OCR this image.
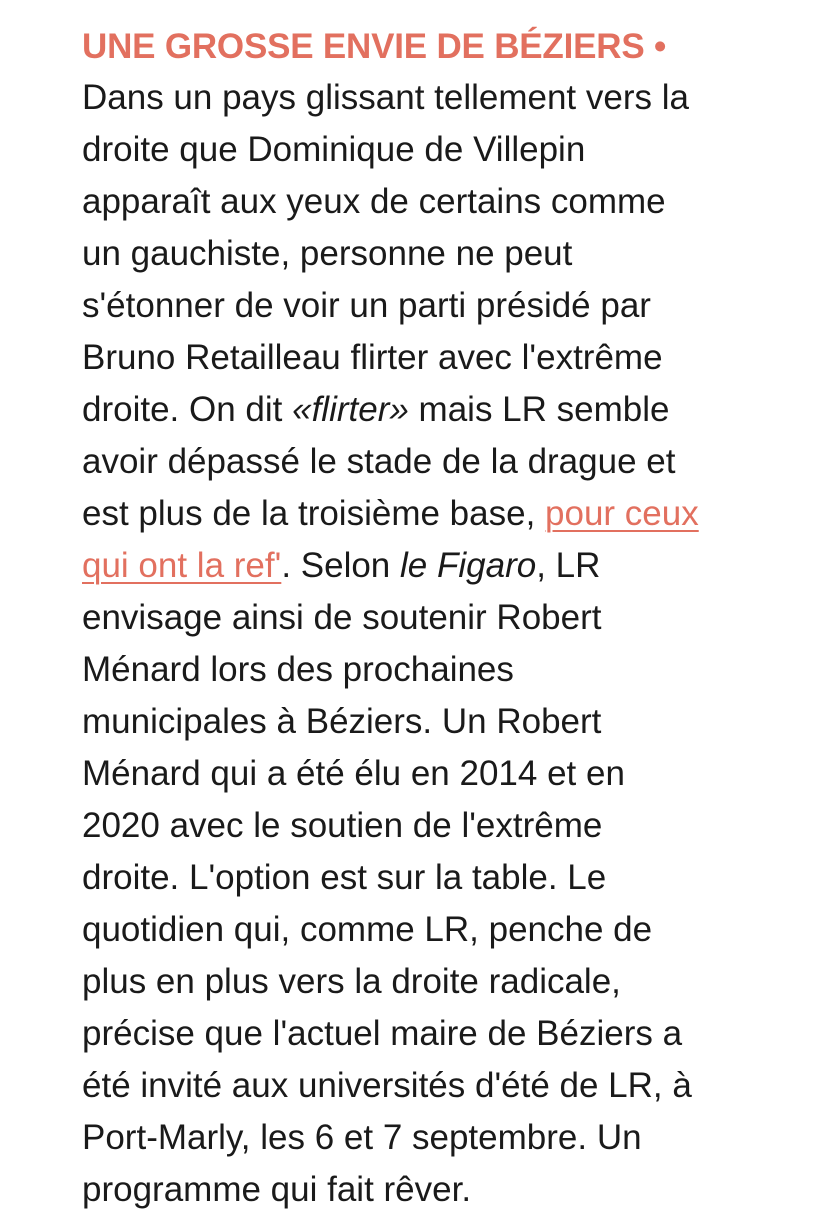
UNE GROSSE ENVIE DE BÉZIERS •

Dans un pays glissant tellement vers la
droite que Dominique de Villepin
apparaît aux yeux de certains comme
un gauchiste, personne ne peut
s'étonner de voir un parti présidé par
Bruno Retailleau flirter avec l'extrême
droite. On dit «flirter» mais LR semble
avoir dépassé le stade de la drague et
est plus de la troisième base, pour ceux
qui ont la ref'. Selon le Figaro, LR
envisage ainsi de soutenir Robert
Ménard lors des prochaines
municipales à Béziers. Un Robert
Ménard qui a été élu en 2014 et en
2020 avec le soutien de l'extrême
droite. L'option est sur la table. Le
quotidien qui, comme LR, penche de
plus en plus vers la droite radicale,
précise que l'actuel maire de Béziers a
été invité aux universités d'été de LR, à
Port-Marly, les 6 et 7 septembre. Un
programme qui fait rêver.
